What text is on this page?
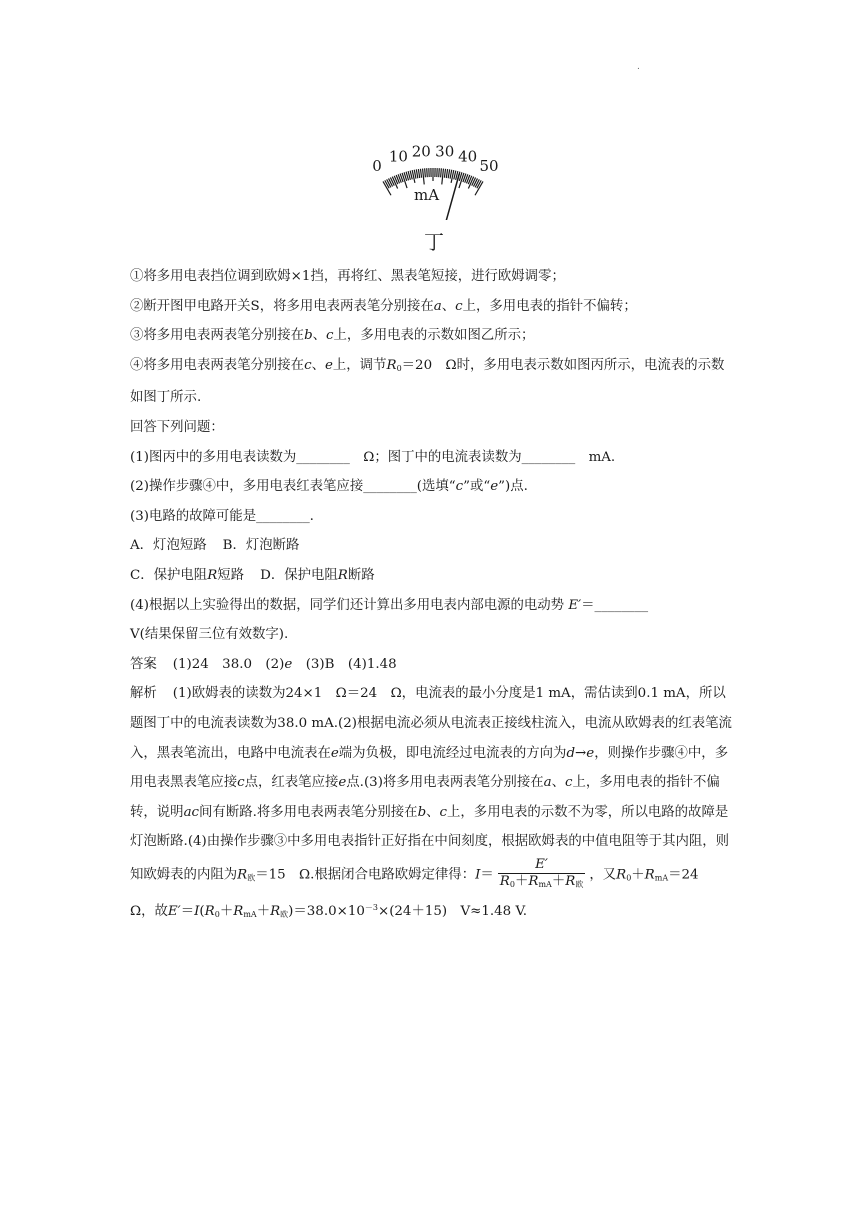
.
0
10 20 30 40
50
mA
丁

①将多用电表挡位调到欧姆×1挡，再将红、黑表笔短接，进行欧姆调零；

②断开图甲电路开关S，将多用电表两表笔分别接在a、c上，多用电表的指针不偏转；

③将多用电表两表笔分别接在b、c上，多用电表的示数如图乙所示；

④将多用电表两表笔分别接在c、e上，调节$R_0=20$　Ω时，多用电表示数如图丙所示，电流表的示数如图丁所示.

回答下列问题：

(1)图丙中的多用电表读数为________　Ω；图丁中的电流表读数为________　mA.

(2)操作步骤④中，多用电表红表笔应接________(选填“c”或“e”)点.

(3)电路的故障可能是________.

A．灯泡短路 B．灯泡断路

C．保护电阻R短路 D．保护电阻R断路

(4)根据以上实验得出的数据，同学们还计算出多用电表内部电源的电动势 E′＝________
V(结果保留三位有效数字).

答案 (1)24　38.0　(2)e　 (3)B　(4)1.48

解析 (1)欧姆表的读数为24×1　Ω＝24　Ω，电流表的最小分度是1 mA，需估读到0.1 mA，所以题图丁中的电流表读数为38.0 mA.(2)根据电流必须从电流表正接线柱流入，电流从欧姆表的红表笔流入，黑表笔流出，电路中电流表在e端为负极，即电流经过电流表的方向为d→e，则操作步骤④中，多用电表黑表笔应接c点，红表笔应接e点.(3)将多用电表两表笔分别接在a、c上，多用电表的指针不偏转，说明ac间有断路.将多用电表两表笔分别接在b、c上，多用电表的示数不为零，所以电路的故障是灯泡断路.(4)由操作步骤③中多用电表指针正好指在中间刻度，根据欧姆表的中值电阻等于其内阻，则知欧姆表的内阻为$R_欧=15$　Ω.根据闭合电路欧姆定律得：$I= \frac{E'}{R_0+R_{mA}+R_欧}$ ，又$R_0+R_{mA}=24$　Ω，故$E'=I(R_0+R_{mA}+R_欧)=38.0\times 10^{-3}\times(24+15)$　V≈1.48 V.
